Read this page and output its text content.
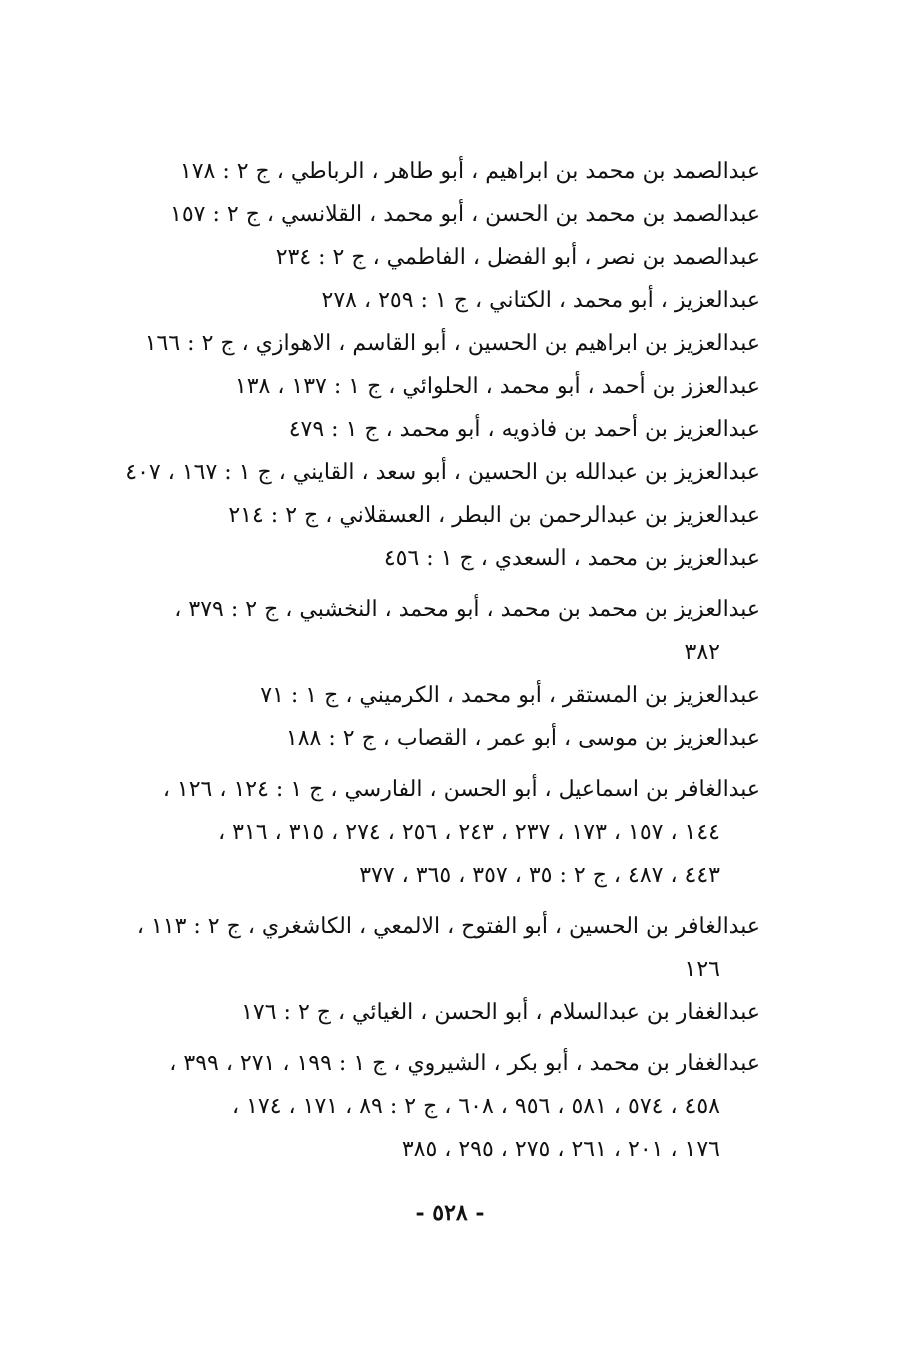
عبدالصمد بن محمد بن ابراهيم ، أبو طاهر ، الرباطي ، ج ٢ : ١٧٨
عبدالصمد بن محمد بن الحسن ، أبو محمد ، القلانسي ، ج ٢ : ١٥٧
عبدالصمد بن نصر ، أبو الفضل ، الفاطمي ، ج ٢ : ٢٣٤
عبدالعزيز ، أبو محمد ، الكتاني ، ج ١ : ٢٥٩ ، ٢٧٨
عبدالعزيز بن ابراهيم بن الحسين ، أبو القاسم ، الاهوازي ، ج ٢ : ١٦٦
عبدالعزز بن أحمد ، أبو محمد ، الحلوائي ، ج ١ : ١٣٧ ، ١٣٨
عبدالعزيز بن أحمد بن فاذويه ، أبو محمد ، ج ١ : ٤٧٩
عبدالعزيز بن عبدالله بن الحسين ، أبو سعد ، القايني ، ج ١ : ١٦٧ ، ٤٠٧
عبدالعزيز بن عبدالرحمن بن البطر ، العسقلاني ، ج ٢ : ٢١٤
عبدالعزيز بن محمد ، السعدي ، ج ١ : ٤٥٦
عبدالعزيز بن محمد بن محمد ، أبو محمد ، النخشبي ، ج ٢ : ٣٧٩ ،
٣٨٢
عبدالعزيز بن المستقر ، أبو محمد ، الكرميني ، ج ١ : ٧١
عبدالعزيز بن موسى ، أبو عمر ، القصاب ، ج ٢ : ١٨٨
عبدالغافر بن اسماعيل ، أبو الحسن ، الفارسي ، ج ١ : ١٢٤ ، ١٢٦ ،
١٤٤ ، ١٥٧ ، ١٧٣ ، ٢٣٧ ، ٢٤٣ ، ٢٥٦ ، ٢٧٤ ، ٣١٥ ، ٣١٦ ،
٤٤٣ ، ٤٨٧ ، ج ٢ : ٣٥ ، ٣٥٧ ، ٣٦٥ ، ٣٧٧
عبدالغافر بن الحسين ، أبو الفتوح ، الالمعي ، الكاشغري ، ج ٢ : ١١٣ ،
١٢٦
عبدالغفار بن عبدالسلام ، أبو الحسن ، الغيائي ، ج ٢ : ١٧٦
عبدالغفار بن محمد ، أبو بكر ، الشيروي ، ج ١ : ١٩٩ ، ٢٧١ ، ٣٩٩ ،
٤٥٨ ، ٥٧٤ ، ٥٨١ ، ٩٥٦ ، ٦٠٨ ، ج ٢ : ٨٩ ، ١٧١ ، ١٧٤ ،
١٧٦ ، ٢٠١ ، ٢٦١ ، ٢٧٥ ، ٢٩٥ ، ٣٨٥
- ٥٢٨ -
